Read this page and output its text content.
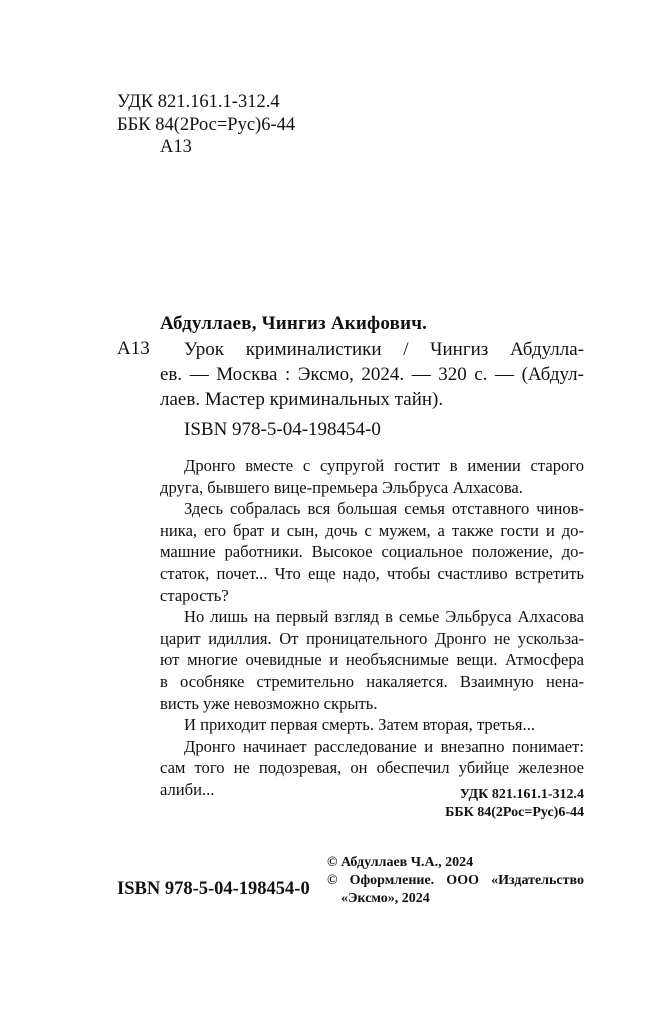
УДК 821.161.1-312.4
ББК 84(2Рос=Рус)6-44
А13
Абдуллаев, Чингиз Акифович.
А13	Урок криминалистики / Чингиз Абдулла-
ев. — Москва : Эксмо, 2024. — 320 с. — (Абдул-
лаев. Мастер криминальных тайн).
ISBN 978-5-04-198454-0
Дронго вместе с супругой гостит в имении старого
друга, бывшего вице-премьера Эльбруса Алхасова.
Здесь собралась вся большая семья отставного чинов-
ника, его брат и сын, дочь с мужем, а также гости и до-
машние работники. Высокое социальное положение, до-
статок, почет... Что еще надо, чтобы счастливо встретить
старость?
Но лишь на первый взгляд в семье Эльбруса Алхасова
царит идиллия. От проницательного Дронго не ускольза-
ют многие очевидные и необъяснимые вещи. Атмосфера
в особняке стремительно накаляется. Взаимную нена-
висть уже невозможно скрыть.
И приходит первая смерть. Затем вторая, третья...
Дронго начинает расследование и внезапно понимает:
сам того не подозревая, он обеспечил убийце железное
алиби...	УДК 821.161.1-312.4
ББК 84(2Рос=Рус)6-44
ISBN 978-5-04-198454-0
© Абдуллаев Ч.А., 2024
© Оформление. ООО «Издательство
«Эксмо», 2024
